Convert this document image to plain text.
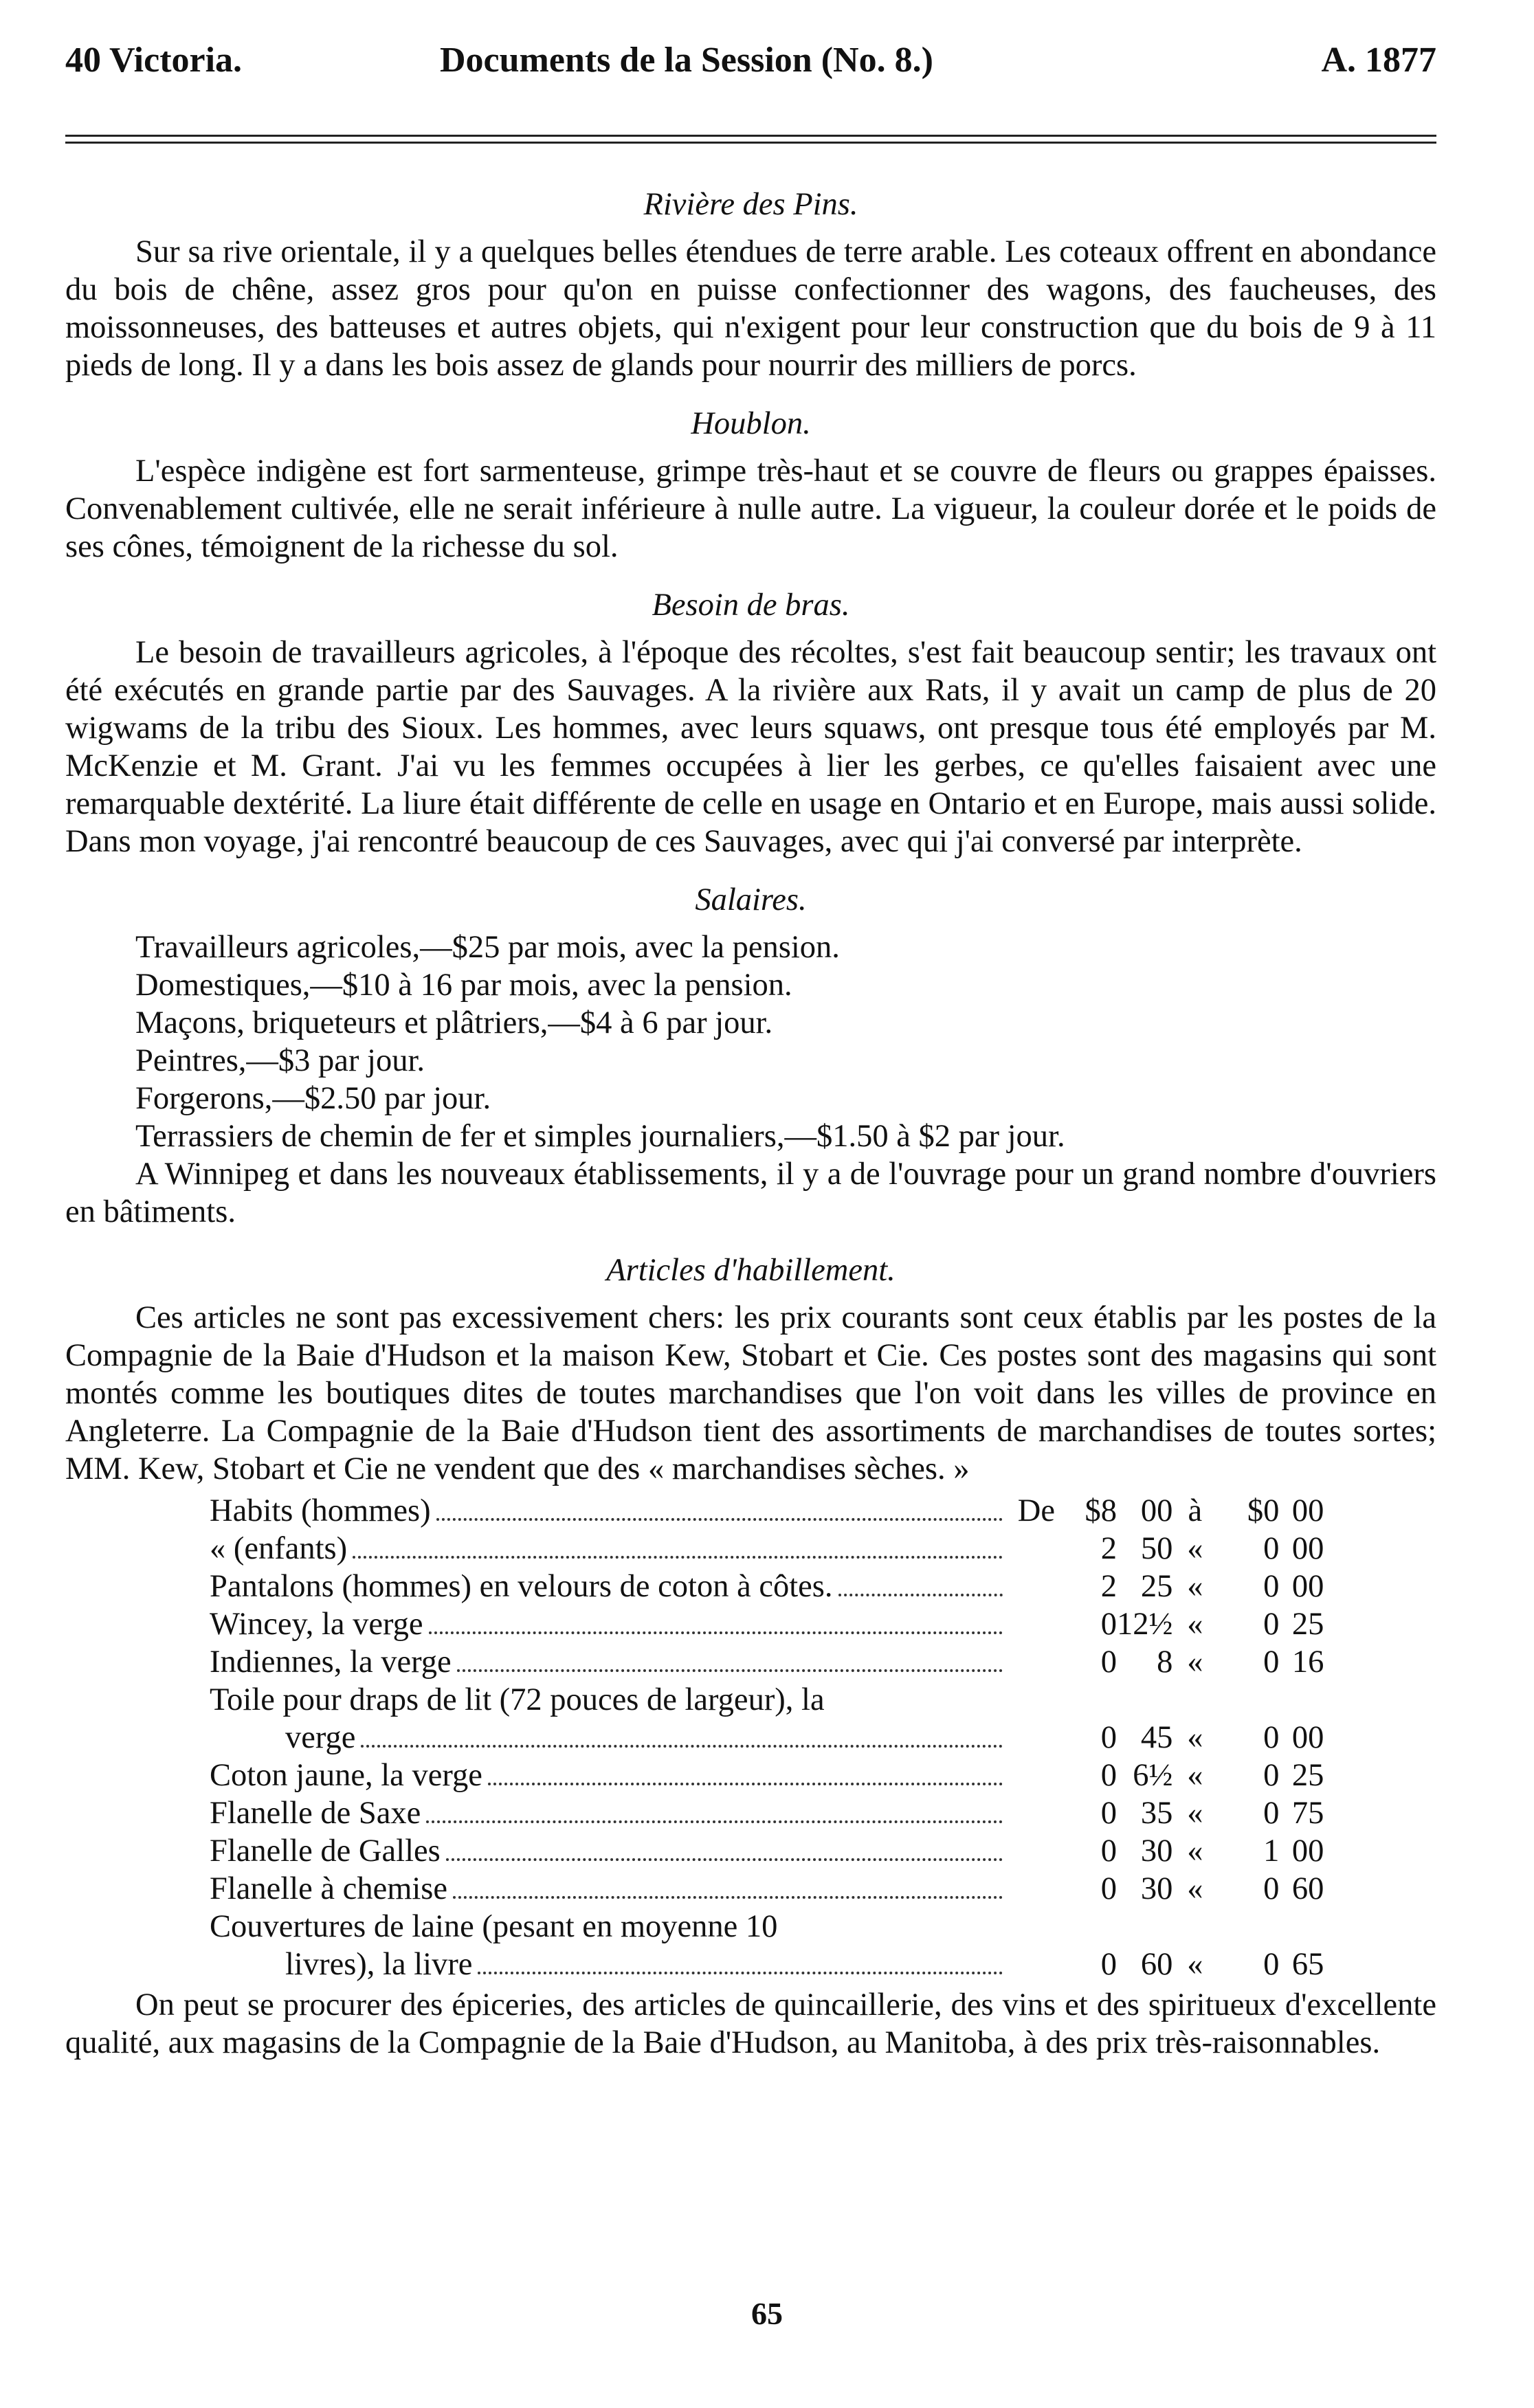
40 Victoria.	Documents de la Session (No. 8.)	A. 1877
Rivière des Pins.

Sur sa rive orientale, il y a quelques belles étendues de terre arable. Les coteaux offrent en abondance du bois de chêne, assez gros pour qu'on en puisse confectionner des wagons, des faucheuses, des moissonneuses, des batteuses et autres objets, qui n'exigent pour leur construction que du bois de 9 à 11 pieds de long. Il y a dans les bois assez de glands pour nourrir des milliers de porcs.

Houblon.

L'espèce indigène est fort sarmenteuse, grimpe très-haut et se couvre de fleurs ou grappes épaisses. Convenablement cultivée, elle ne serait inférieure à nulle autre. La vigueur, la couleur dorée et le poids de ses cônes, témoignent de la richesse du sol.

Besoin de bras.

Le besoin de travailleurs agricoles, à l'époque des récoltes, s'est fait beaucoup sentir; les travaux ont été exécutés en grande partie par des Sauvages. A la rivière aux Rats, il y avait un camp de plus de 20 wigwams de la tribu des Sioux. Les hommes, avec leurs squaws, ont presque tous été employés par M. McKenzie et M. Grant. J'ai vu les femmes occupées à lier les gerbes, ce qu'elles faisaient avec une remarquable dextérité. La liure était différente de celle en usage en Ontario et en Europe, mais aussi solide. Dans mon voyage, j'ai rencontré beaucoup de ces Sauvages, avec qui j'ai conversé par interprète.

Salaires.
Travailleurs agricoles,—$25 par mois, avec la pension.
Domestiques,—$10 à 16 par mois, avec la pension.
Maçons, briqueteurs et plâtriers,—$4 à 6 par jour.
Peintres,—$3 par jour.
Forgerons,—$2.50 par jour.
Terrassiers de chemin de fer et simples journaliers,—$1.50 à $2 par jour.

A Winnipeg et dans les nouveaux établissements, il y a de l'ouvrage pour un grand nombre d'ouvriers en bâtiments.

Articles d'habillement.

Ces articles ne sont pas excessivement chers: les prix courants sont ceux établis par les postes de la Compagnie de la Baie d'Hudson et la maison Kew, Stobart et Cie. Ces postes sont des magasins qui sont montés comme les boutiques dites de toutes marchandises que l'on voit dans les villes de province en Angleterre. La Compagnie de la Baie d'Hudson tient des assortiments de marchandises de toutes sortes; MM. Kew, Stobart et Cie ne vendent que des « marchandises sèches. »

Habits (hommes)	De	$8	00	à	$0	00

« (enfants)		2	50	«	0	00

Pantalons (hommes) en velours de coton à côtes.		2	25	«	0	00

Wincey, la verge		0	12½	«	0	25

Indiennes, la verge		0	8	«	0	16

Toile pour draps de lit (72 pouces de largeur), la
verge		0	45	«	0	00

Coton jaune, la verge		0	6½	«	0	25

Flanelle de Saxe		0	35	«	0	75

Flanelle de Galles		0	30	«	1	00

Flanelle à chemise		0	30	«	0	60

Couvertures de laine (pesant en moyenne 10
livres), la livre		0	60	«	0	65

On peut se procurer des épiceries, des articles de quincaillerie, des vins et des spiritueux d'excellente qualité, aux magasins de la Compagnie de la Baie d'Hudson, au Manitoba, à des prix très-raisonnables.

65
